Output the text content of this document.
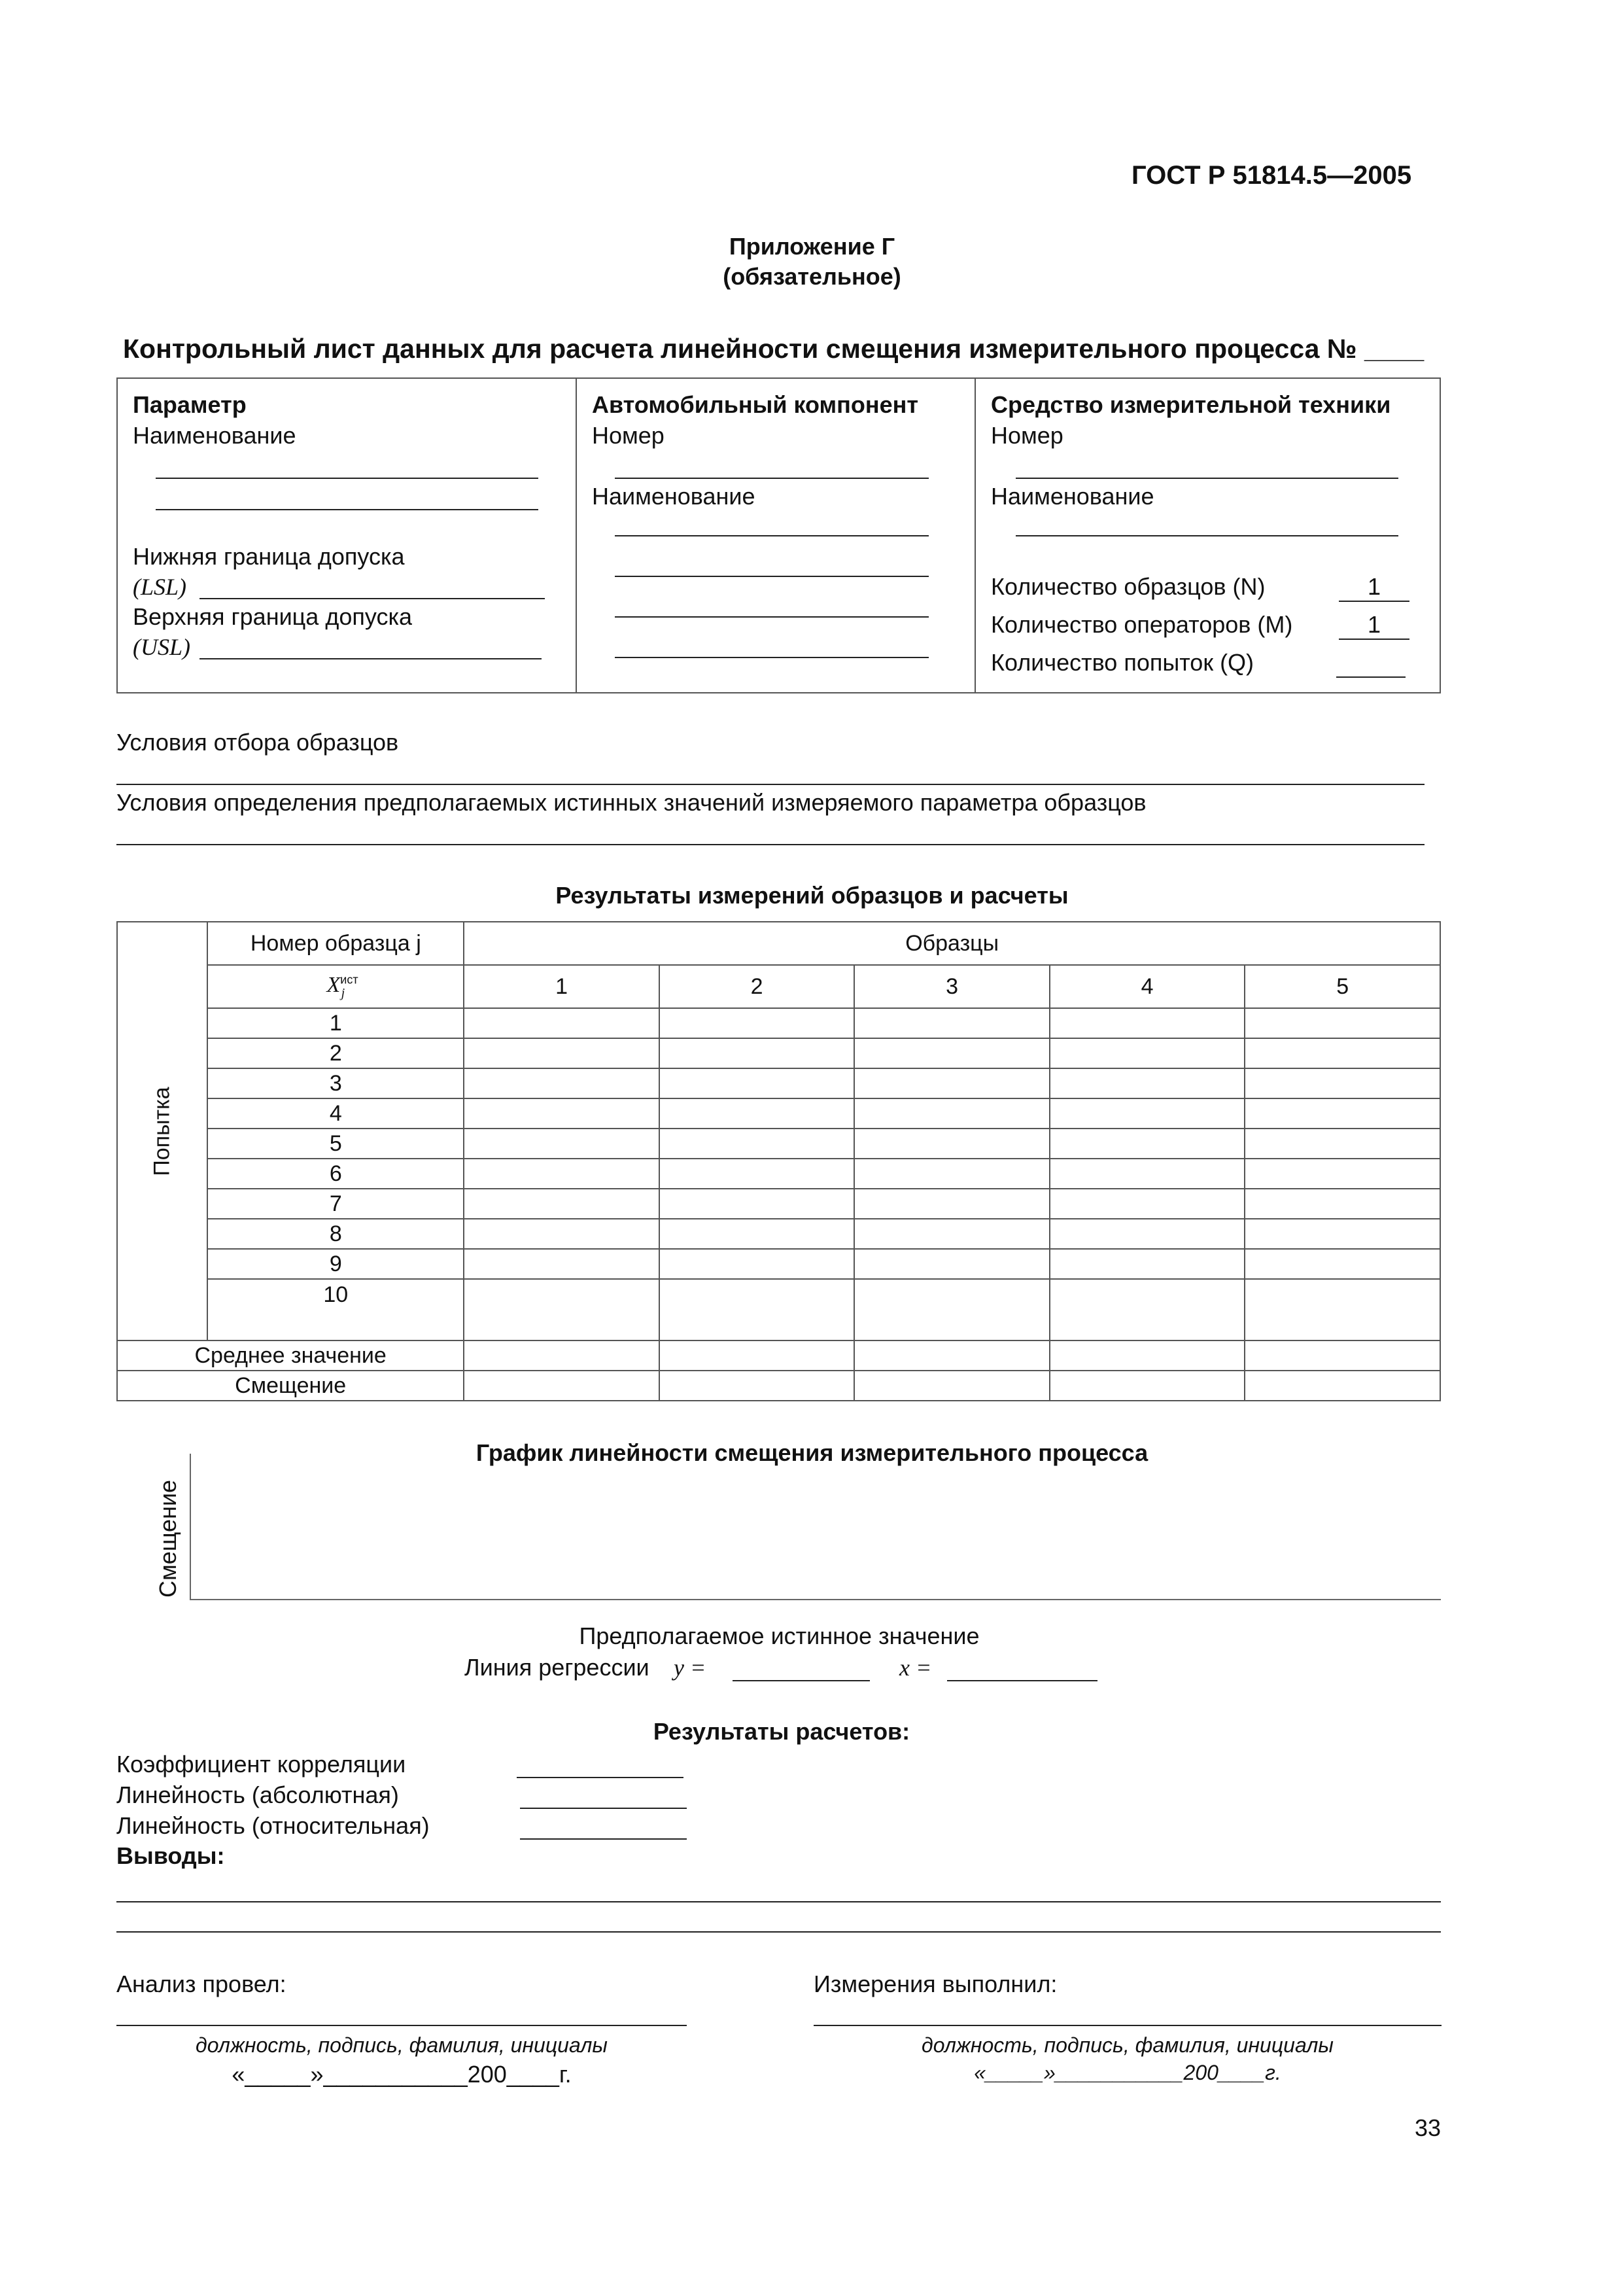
ГОСТ Р 51814.5—2005
Приложение Г
(обязательное)
Контрольный лист данных для расчета линейности смещения измерительного процесса № ____
Параметр
Наименование
Нижняя граница допуска
(LSL)
Верхняя граница допуска
(USL)
Автомобильный компонент
Номер
Наименование
Средство измерительной техники
Номер
Наименование
Количество образцов (N)	1
Количество операторов (M)	1
Количество попыток (Q)
Условия отбора образцов
Условия определения предполагаемых истинных значений измеряемого параметра образцов
Результаты измерений образцов и расчеты
Попытка	Номер образца j	Образцы				
	$X^{ист}_j$	1	2	3	4	5
	1					
	2					
	3					
	4					
	5					
	6					
	7					
	8					
	9					
	10					
Среднее значение						
Смещение						
График линейности смещения измерительного процесса
Смещение
Предполагаемое истинное значение
Линия регрессии y =	x =
Результаты расчетов:
Коэффициент корреляции
Линейность (абсолютная)
Линейность (относительная)
Выводы:
Анализ провел:
должность, подпись, фамилия, инициалы
«_____»___________200____г.
Измерения выполнил:
должность, подпись, фамилия, инициалы
«_____»___________200____г.
33
